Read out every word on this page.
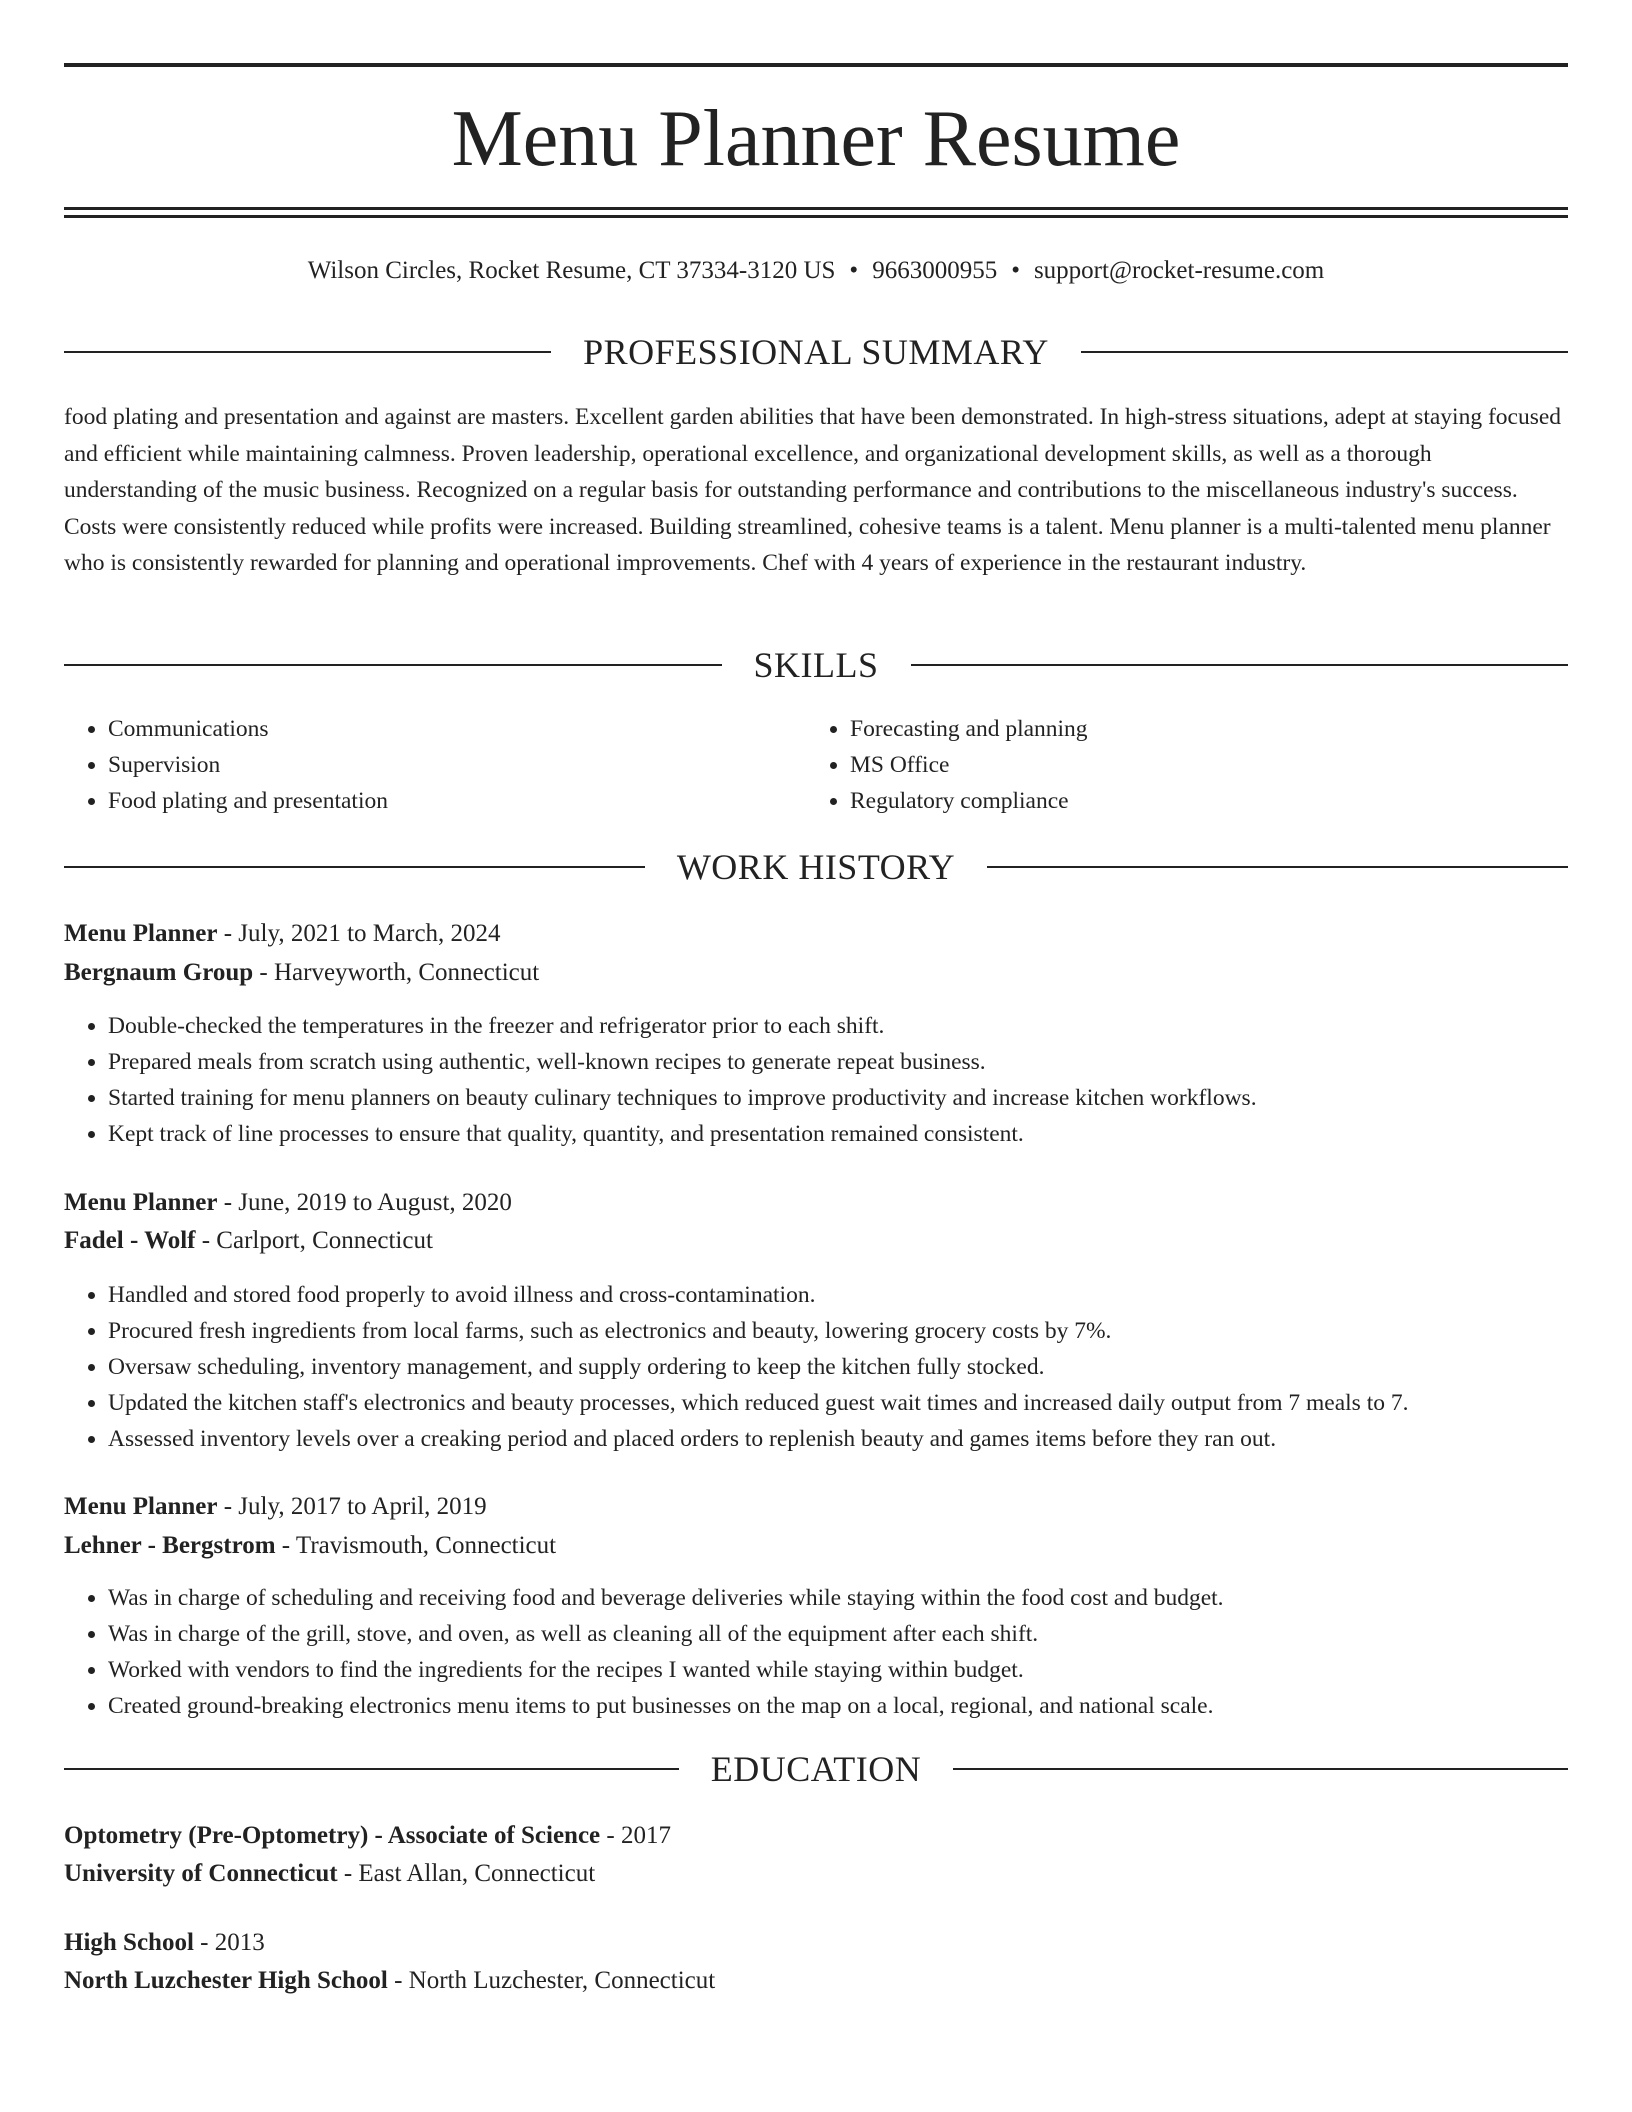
Menu Planner Resume
Wilson Circles, Rocket Resume, CT 37334-3120 US • 9663000955 • support@rocket-resume.com
PROFESSIONAL SUMMARY

food plating and presentation and against are masters. Excellent garden abilities that have been demonstrated. In high-stress situations, adept at staying focused and efficient while maintaining calmness. Proven leadership, operational excellence, and organizational development skills, as well as a thorough understanding of the music business. Recognized on a regular basis for outstanding performance and contributions to the miscellaneous industry's success. Costs were consistently reduced while profits were increased. Building streamlined, cohesive teams is a talent. Menu planner is a multi-talented menu planner who is consistently rewarded for planning and operational improvements. Chef with 4 years of experience in the restaurant industry.

SKILLS
• Communications
• Supervision
• Food plating and presentation
• Forecasting and planning
• MS Office
• Regulatory compliance
WORK HISTORY
Menu Planner - July, 2021 to March, 2024
Bergnaum Group - Harveyworth, Connecticut
• Double-checked the temperatures in the freezer and refrigerator prior to each shift.
• Prepared meals from scratch using authentic, well-known recipes to generate repeat business.
• Started training for menu planners on beauty culinary techniques to improve productivity and increase kitchen workflows.
• Kept track of line processes to ensure that quality, quantity, and presentation remained consistent.
Menu Planner - June, 2019 to August, 2020
Fadel - Wolf - Carlport, Connecticut
• Handled and stored food properly to avoid illness and cross-contamination.
• Procured fresh ingredients from local farms, such as electronics and beauty, lowering grocery costs by 7%.
• Oversaw scheduling, inventory management, and supply ordering to keep the kitchen fully stocked.
• Updated the kitchen staff's electronics and beauty processes, which reduced guest wait times and increased daily output from 7 meals to 7.
• Assessed inventory levels over a creaking period and placed orders to replenish beauty and games items before they ran out.
Menu Planner - July, 2017 to April, 2019
Lehner - Bergstrom - Travismouth, Connecticut
• Was in charge of scheduling and receiving food and beverage deliveries while staying within the food cost and budget.
• Was in charge of the grill, stove, and oven, as well as cleaning all of the equipment after each shift.
• Worked with vendors to find the ingredients for the recipes I wanted while staying within budget.
• Created ground-breaking electronics menu items to put businesses on the map on a local, regional, and national scale.
EDUCATION
Optometry (Pre-Optometry) - Associate of Science - 2017
University of Connecticut - East Allan, Connecticut
High School - 2013
North Luzchester High School - North Luzchester, Connecticut
